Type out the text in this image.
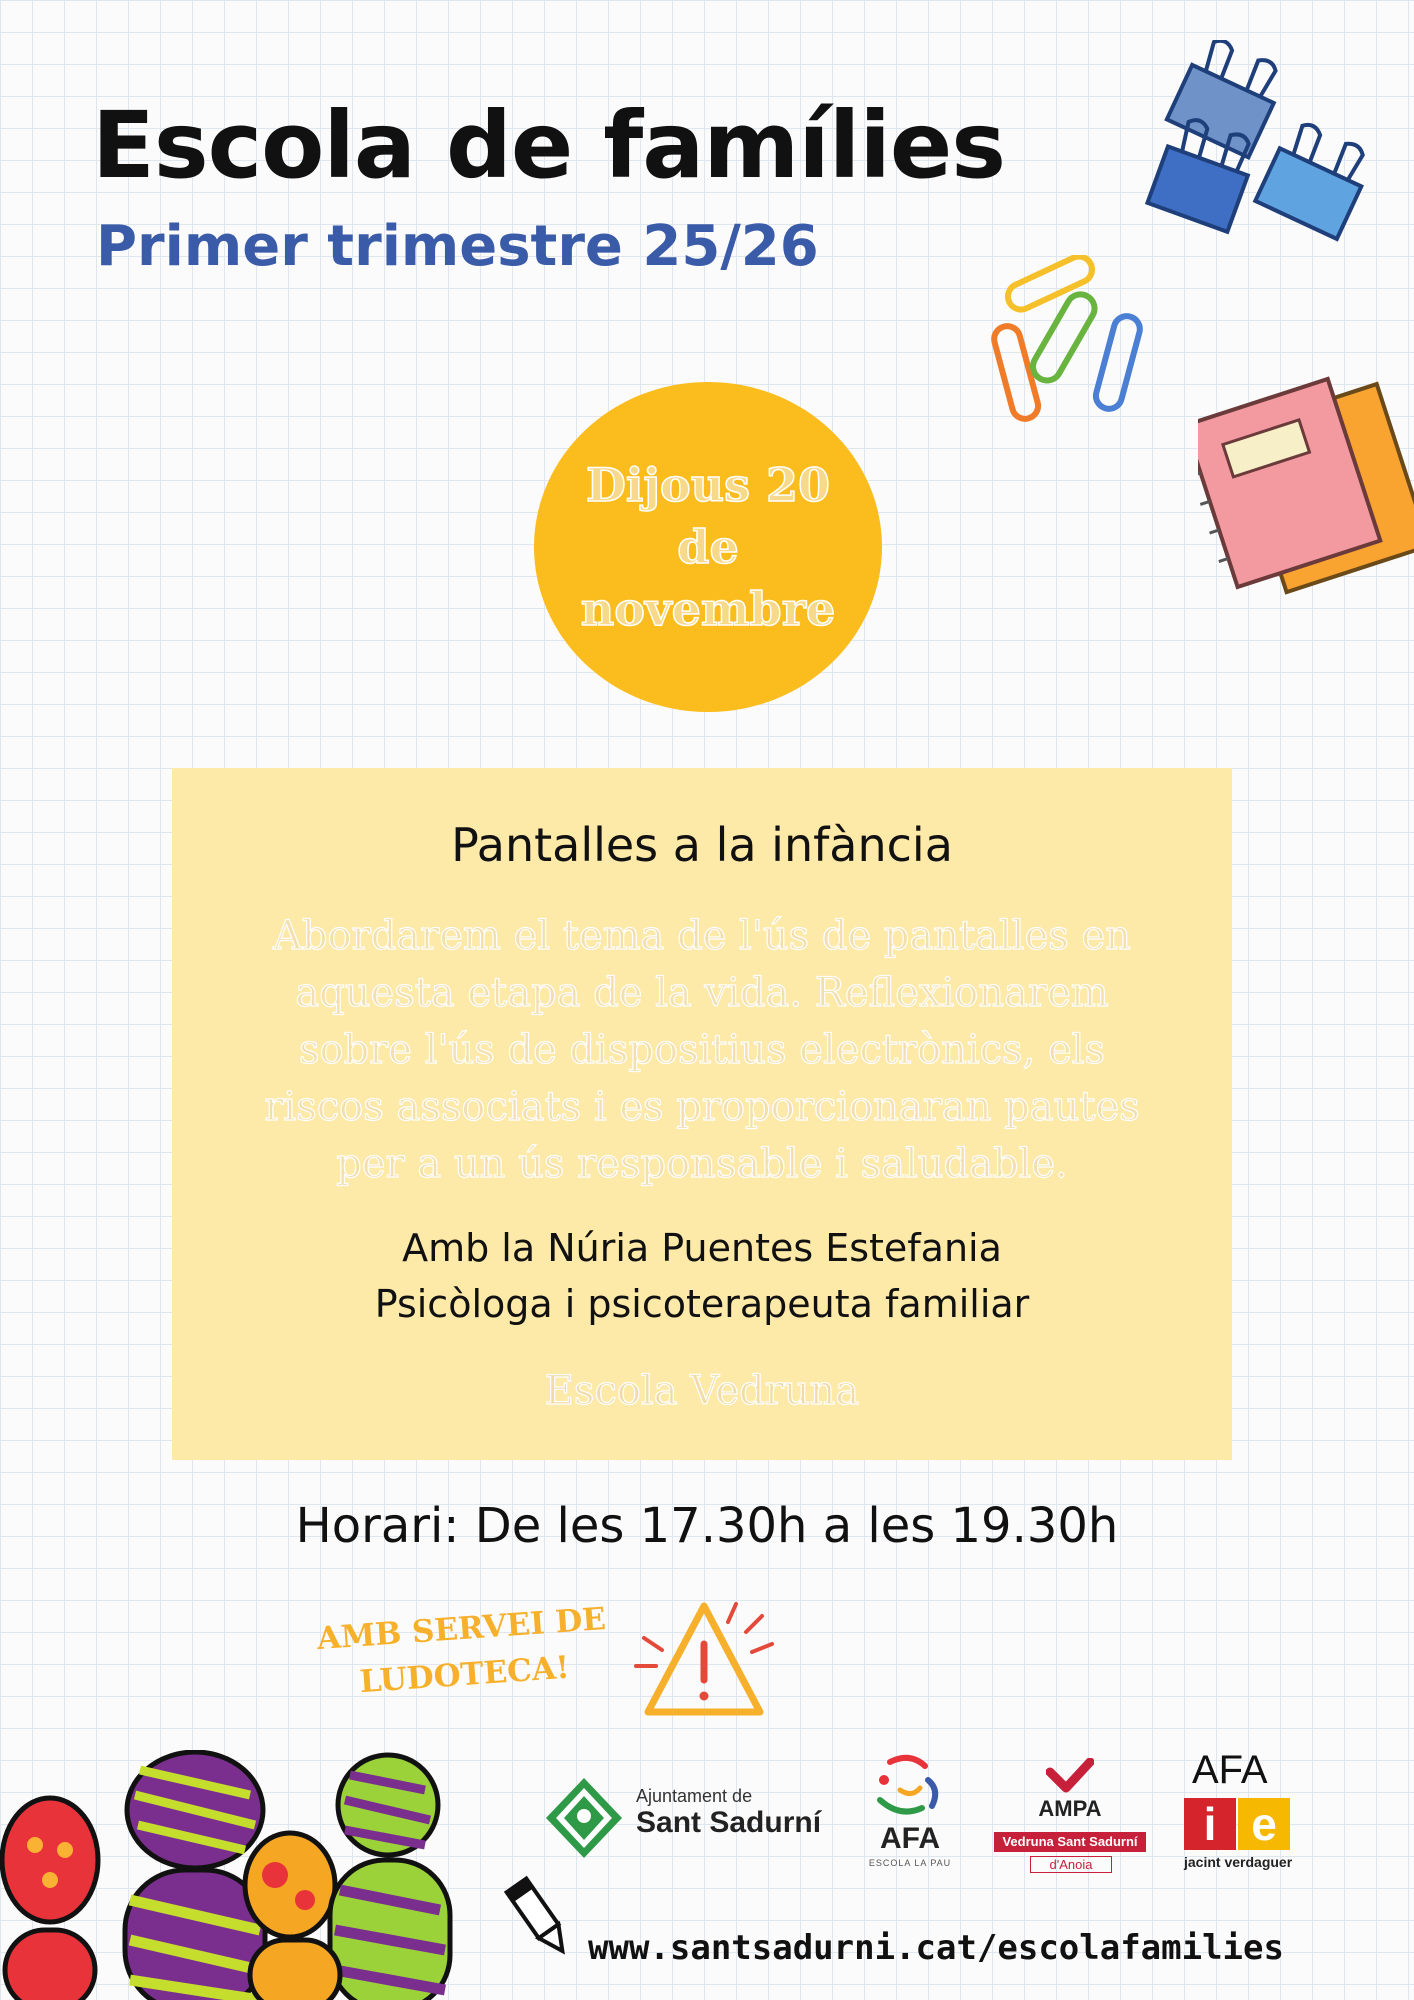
Escola de famílies
Primer trimestre 25/26
Dijous 20 de
novembre
Pantalles a la infància
Abordarem el tema de l'ús de pantalles en
aquesta etapa de la vida. Reflexionarem
sobre l'ús de dispositius electrònics, els
riscos associats i es proporcionaran pautes
per a un ús responsable i saludable.
Amb la Núria Puentes Estefania
Psicòloga i psicoterapeuta familiar
Escola Vedruna
Horari: De les 17.30h a les 19.30h
AMB SERVEI DE
LUDOTECA!
Ajuntament de
Sant Sadurní	AFA
ESCOLA LA PAU
AMPA
Vedruna Sant Sadurní
d'Anoia
AFA
i e
jacint verdaguer
www.santsadurni.cat/escolafamilies
